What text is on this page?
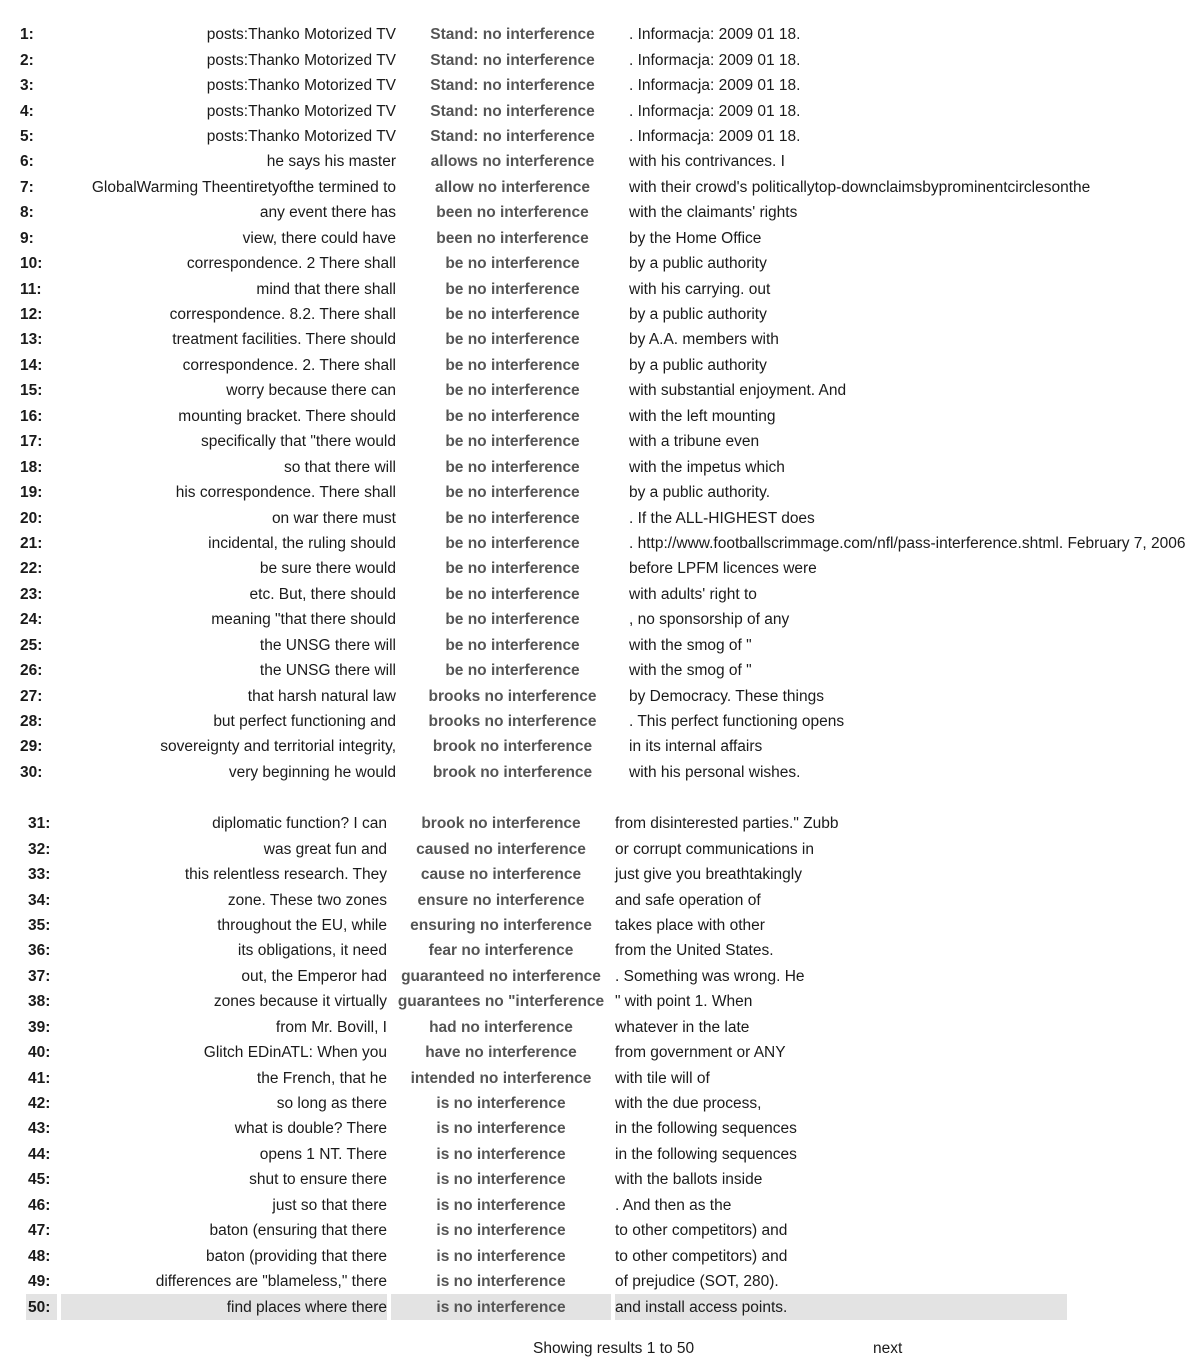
1:	posts:Thanko Motorized TV	Stand: no interference	. Informacja: 2009 01 18.
2:	posts:Thanko Motorized TV	Stand: no interference	. Informacja: 2009 01 18.
3:	posts:Thanko Motorized TV	Stand: no interference	. Informacja: 2009 01 18.
4:	posts:Thanko Motorized TV	Stand: no interference	. Informacja: 2009 01 18.
5:	posts:Thanko Motorized TV	Stand: no interference	. Informacja: 2009 01 18.
6:	he says his master	allows no interference	with his contrivances. I
7:	GlobalWarming Theentiretyofthe termined to	allow no interference	with their crowd's politicallytop-downclaimsbyprominentcirclesonthe
8:	any event there has	been no interference	with the claimants' rights
9:	view, there could have	been no interference	by the Home Office
10:	correspondence. 2 There shall	be no interference	by a public authority
11:	mind that there shall	be no interference	with his carrying. out
12:	correspondence. 8.2. There shall	be no interference	by a public authority
13:	treatment facilities. There should	be no interference	by A.A. members with
14:	correspondence. 2. There shall	be no interference	by a public authority
15:	worry because there can	be no interference	with substantial enjoyment. And
16:	mounting bracket. There should	be no interference	with the left mounting
17:	specifically that "there would	be no interference	with a tribune even
18:	so that there will	be no interference	with the impetus which
19:	his correspondence. There shall	be no interference	by a public authority.
20:	on war there must	be no interference	. If the ALL-HIGHEST does
21:	incidental, the ruling should	be no interference	. http://www.footballscrimmage.com/nfl/pass-interference.shtml. February 7, 2006
22:	be sure there would	be no interference	before LPFM licences were
23:	etc. But, there should	be no interference	with adults' right to
24:	meaning "that there should	be no interference	, no sponsorship of any
25:	the UNSG there will	be no interference	with the smog of "
26:	the UNSG there will	be no interference	with the smog of "
27:	that harsh natural law	brooks no interference	by Democracy. These things
28:	but perfect functioning and	brooks no interference	. This perfect functioning opens
29:	sovereignty and territorial integrity,	brook no interference	in its internal affairs
30:	very beginning he would	brook no interference	with his personal wishes.
31:	diplomatic function? I can	brook no interference	from disinterested parties." Zubb
32:	was great fun and	caused no interference	or corrupt communications in
33:	this relentless research. They	cause no interference	just give you breathtakingly
34:	zone. These two zones	ensure no interference	and safe operation of
35:	throughout the EU, while	ensuring no interference	takes place with other
36:	its obligations, it need	fear no interference	from the United States.
37:	out, the Emperor had	guaranteed no interference	. Something was wrong. He
38:	zones because it virtually	guarantees no "interference	" with point 1. When
39:	from Mr. Bovill, I	had no interference	whatever in the late
40:	Glitch EDinATL: When you	have no interference	from government or ANY
41:	the French, that he	intended no interference	with tile will of
42:	so long as there	is no interference	with the due process,
43:	what is double? There	is no interference	in the following sequences
44:	opens 1 NT. There	is no interference	in the following sequences
45:	shut to ensure there	is no interference	with the ballots inside
46:	just so that there	is no interference	. And then as the
47:	baton (ensuring that there	is no interference	to other competitors) and
48:	baton (providing that there	is no interference	to other competitors) and
49:	differences are "blameless," there	is no interference	of prejudice (SOT, 280).
50:	find places where there	is no interference	and install access points.
Showing results 1 to 50	next
